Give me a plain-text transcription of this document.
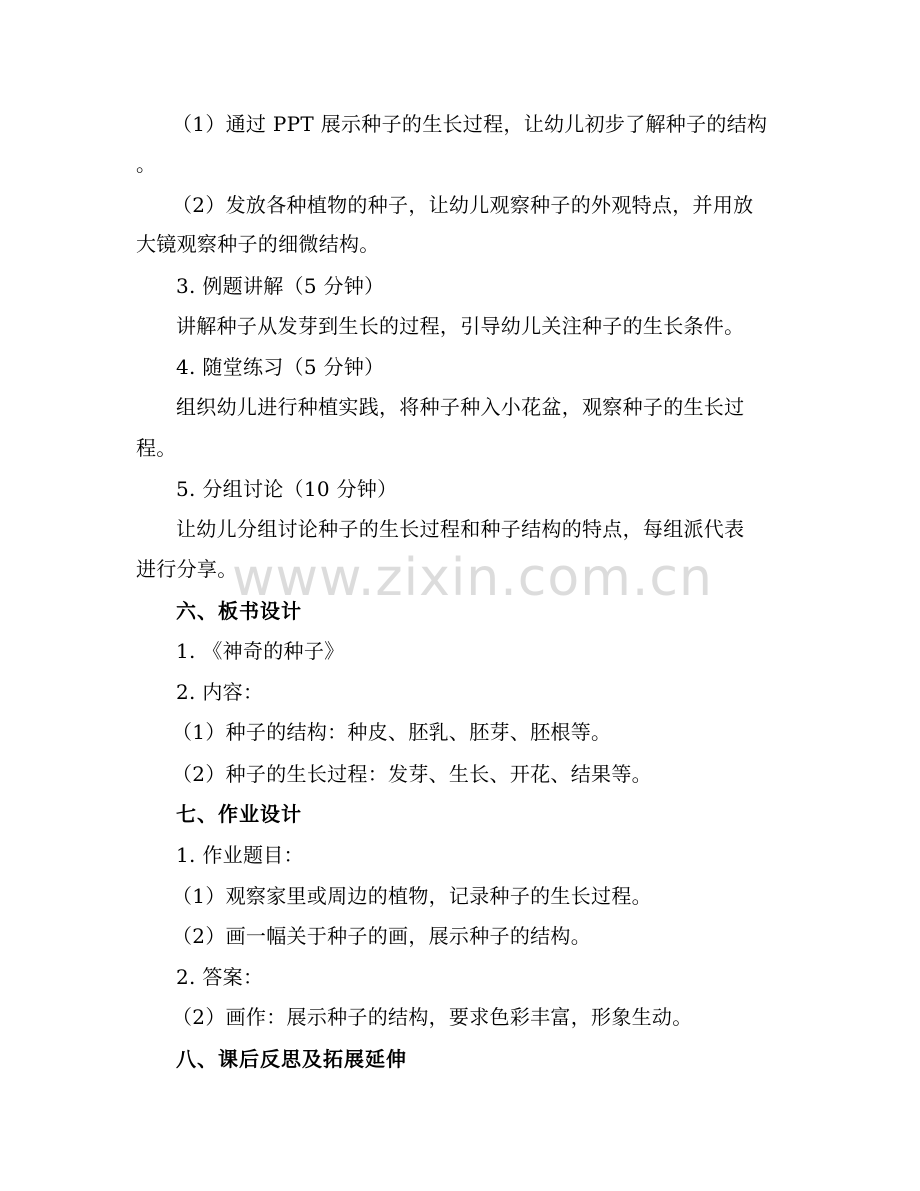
（1）通过 PPT 展示种子的生长过程，让幼儿初步了解种子的结构
。
（2）发放各种植物的种子，让幼儿观察种子的外观特点，并用放
大镜观察种子的细微结构。
3. 例题讲解（5 分钟）
讲解种子从发芽到生长的过程，引导幼儿关注种子的生长条件。
4. 随堂练习（5 分钟）
组织幼儿进行种植实践，将种子种入小花盆，观察种子的生长过
程。
5. 分组讨论（10 分钟）
让幼儿分组讨论种子的生长过程和种子结构的特点，每组派代表
进行分享。
六、板书设计
1. 《神奇的种子》
2. 内容：
（1）种子的结构：种皮、胚乳、胚芽、胚根等。
（2）种子的生长过程：发芽、生长、开花、结果等。
七、作业设计
1. 作业题目：
（1）观察家里或周边的植物，记录种子的生长过程。
（2）画一幅关于种子的画，展示种子的结构。
2. 答案：
（2）画作：展示种子的结构，要求色彩丰富，形象生动。
八、课后反思及拓展延伸
www.zixin.com.cn
